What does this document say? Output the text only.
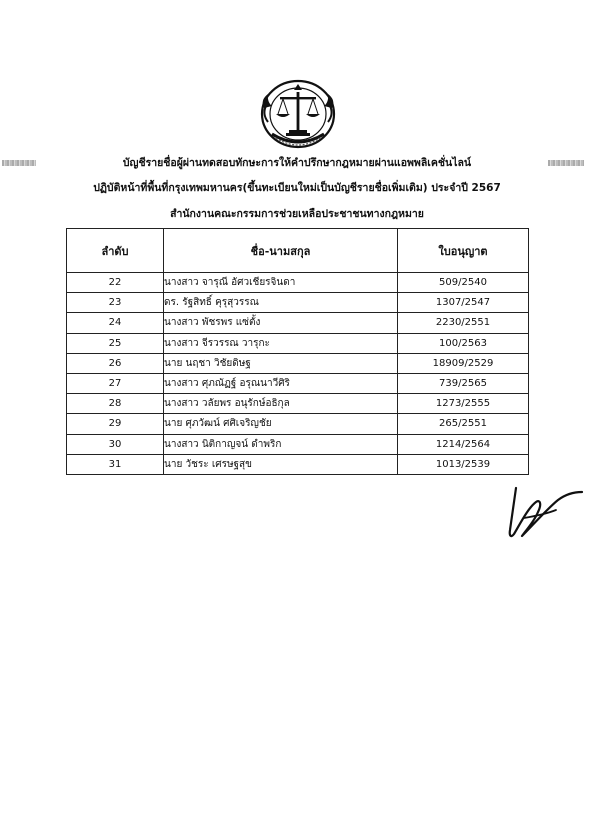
บัญชีรายชื่อผู้ผ่านทดสอบทักษะการให้คำปรึกษากฎหมายผ่านแอพพลิเคชั่นไลน์
ปฏิบัติหน้าที่พื้นที่กรุงเทพมหานคร(ขึ้นทะเบียนใหม่เป็นบัญชีรายชื่อเพิ่มเติม) ประจำปี 2567
สำนักงานคณะกรรมการช่วยเหลือประชาชนทางกฎหมาย
ลำดับ	ชื่อ-นามสกุล	ใบอนุญาต
22	นางสาว จารุณี อัศวเชียรจินดา	509/2540
23	ดร. รัฐสิทธิ์ คุรุสุวรรณ	1307/2547
24	นางสาว พัชรพร แซ่ตั้ง	2230/2551
25	นางสาว จีรวรรณ วารุกะ	100/2563
26	นาย นฤชา วิชัยดิษฐ	18909/2529
27	นางสาว ศุภณัฏฐ์ อรุณนาวีศิริ	739/2565
28	นางสาว วลัยพร อนุรักษ์อธิกุล	1273/2555
29	นาย ศุภวัฒน์ ศศิเจริญชัย	265/2551
30	นางสาว นิติกาญจน์ ดำพริก	1214/2564
31	นาย วัชระ เศรษฐสุข	1013/2539
